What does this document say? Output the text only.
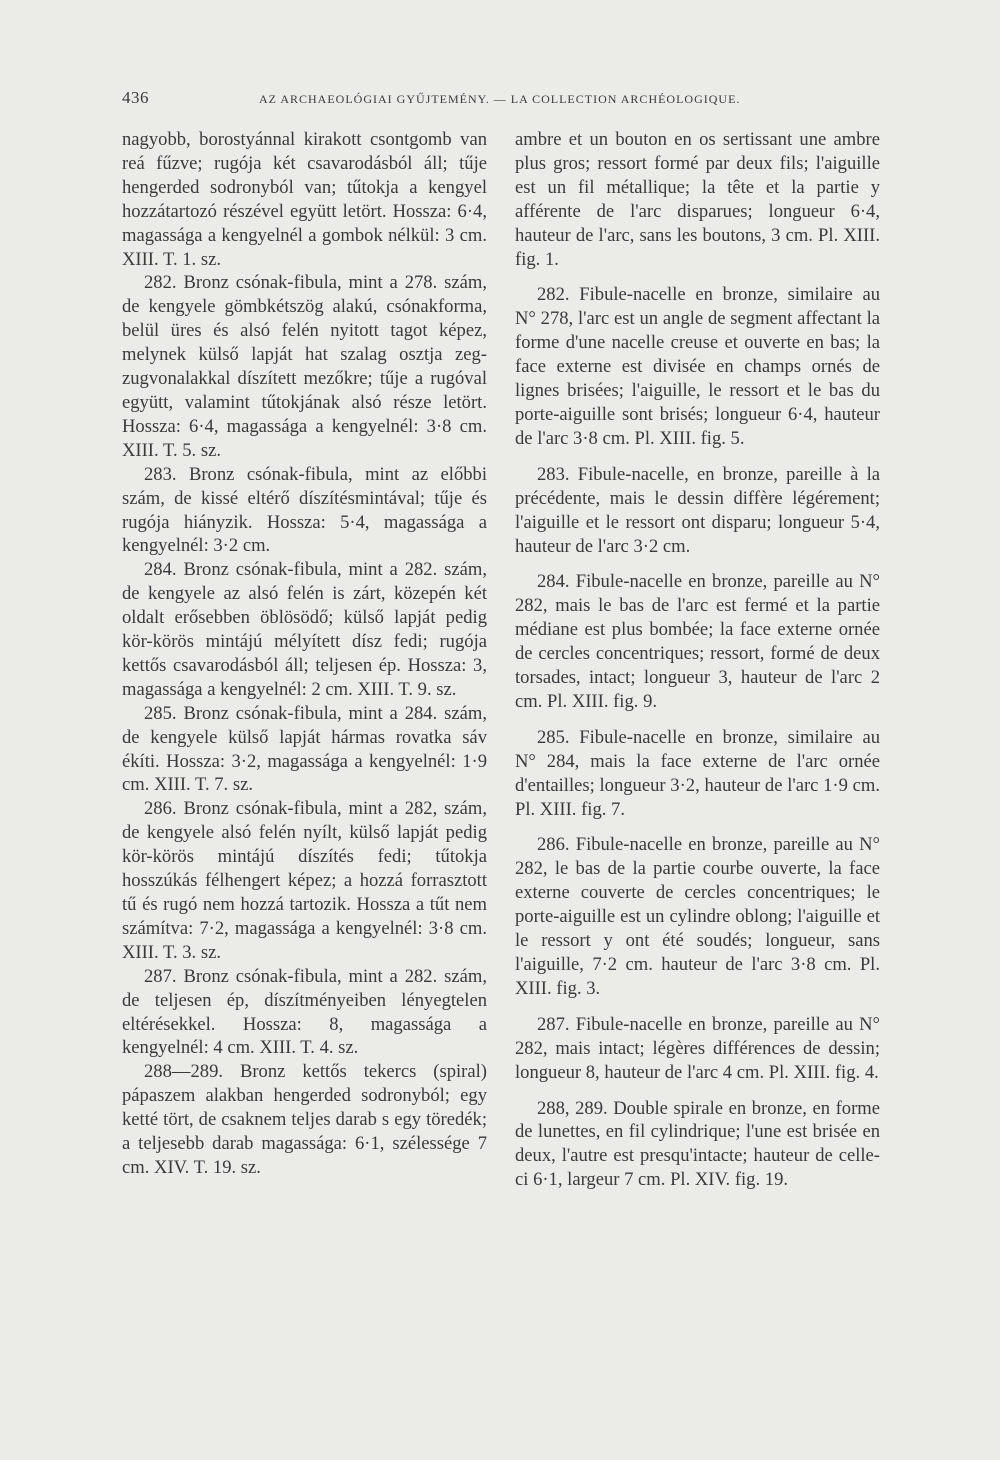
436	AZ ARCHAEOLÓGIAI GYŰJTEMÉNY. — LA COLLECTION ARCHÉOLOGIQUE.

nagyobb, borostyánnal kirakott csontgomb van reá fűzve; rugója két csavarodásból áll; tűje hengerded sodronyból van; tűtokja a kengyel hozzátartozó részével együtt letört. Hossza: 6·4, magassága a kengyelnél a gombok nélkül: 3 cm. XIII. T. 1. sz.

282. Bronz csónak-fibula, mint a 278. szám, de kengyele gömbkétszög alakú, csónakforma, belül üres és alsó felén nyitott tagot képez, melynek külső lapját hat szalag osztja zeg-zugvonalakkal díszített mezőkre; tűje a rugóval együtt, valamint tűtokjának alsó része letört. Hossza: 6·4, magassága a kengyelnél: 3·8 cm. XIII. T. 5. sz.

283. Bronz csónak-fibula, mint az előbbi szám, de kissé eltérő díszítésmintával; tűje és rugója hiányzik. Hossza: 5·4, magassága a kengyelnél: 3·2 cm.

284. Bronz csónak-fibula, mint a 282. szám, de kengyele az alsó felén is zárt, közepén két oldalt erősebben öblösödő; külső lapját pedig kör-körös mintájú mélyített dísz fedi; rugója kettős csavarodásból áll; teljesen ép. Hossza: 3, magassága a kengyelnél: 2 cm. XIII. T. 9. sz.

285. Bronz csónak-fibula, mint a 284. szám, de kengyele külső lapját hármas rovatka sáv ékíti. Hossza: 3·2, magassága a kengyelnél: 1·9 cm. XIII. T. 7. sz.

286. Bronz csónak-fibula, mint a 282, szám, de kengyele alsó felén nyílt, külső lapját pedig kör-körös mintájú díszítés fedi; tűtokja hosszúkás félhengert képez; a hozzá forrasztott tű és rugó nem hozzá tartozik. Hossza a tűt nem számítva: 7·2, magassága a kengyelnél: 3·8 cm. XIII. T. 3. sz.

287. Bronz csónak-fibula, mint a 282. szám, de teljesen ép, díszítményeiben lényegtelen eltérésekkel. Hossza: 8, magassága a kengyelnél: 4 cm. XIII. T. 4. sz.

288—289. Bronz kettős tekercs (spiral) pápaszem alakban hengerded sodronyból; egy ketté tört, de csaknem teljes darab s egy töredék; a teljesebb darab magassága: 6·1, szélessége 7 cm. XIV. T. 19. sz.

ambre et un bouton en os sertissant une ambre plus gros; ressort formé par deux fils; l'aiguille est un fil métallique; la tête et la partie y afférente de l'arc disparues; longueur 6·4, hauteur de l'arc, sans les boutons, 3 cm. Pl. XIII. fig. 1.

282. Fibule-nacelle en bronze, similaire au N° 278, l'arc est un angle de segment affectant la forme d'une nacelle creuse et ouverte en bas; la face externe est divisée en champs ornés de lignes brisées; l'aiguille, le ressort et le bas du porte-aiguille sont brisés; longueur 6·4, hauteur de l'arc 3·8 cm. Pl. XIII. fig. 5.

283. Fibule-nacelle, en bronze, pareille à la précédente, mais le dessin diffère légérement; l'aiguille et le ressort ont disparu; longueur 5·4, hauteur de l'arc 3·2 cm.

284. Fibule-nacelle en bronze, pareille au N° 282, mais le bas de l'arc est fermé et la partie médiane est plus bombée; la face externe ornée de cercles concentriques; ressort, formé de deux torsades, intact; longueur 3, hauteur de l'arc 2 cm. Pl. XIII. fig. 9.

285. Fibule-nacelle en bronze, similaire au N° 284, mais la face externe de l'arc ornée d'entailles; longueur 3·2, hauteur de l'arc 1·9 cm. Pl. XIII. fig. 7.

286. Fibule-nacelle en bronze, pareille au N° 282, le bas de la partie courbe ouverte, la face externe couverte de cercles concentriques; le porte-aiguille est un cylindre oblong; l'aiguille et le ressort y ont été soudés; longueur, sans l'aiguille, 7·2 cm. hauteur de l'arc 3·8 cm. Pl. XIII. fig. 3.

287. Fibule-nacelle en bronze, pareille au N° 282, mais intact; légères différences de dessin; longueur 8, hauteur de l'arc 4 cm. Pl. XIII. fig. 4.

288, 289. Double spirale en bronze, en forme de lunettes, en fil cylindrique; l'une est brisée en deux, l'autre est presqu'intacte; hauteur de celle-ci 6·1, largeur 7 cm. Pl. XIV. fig. 19.
